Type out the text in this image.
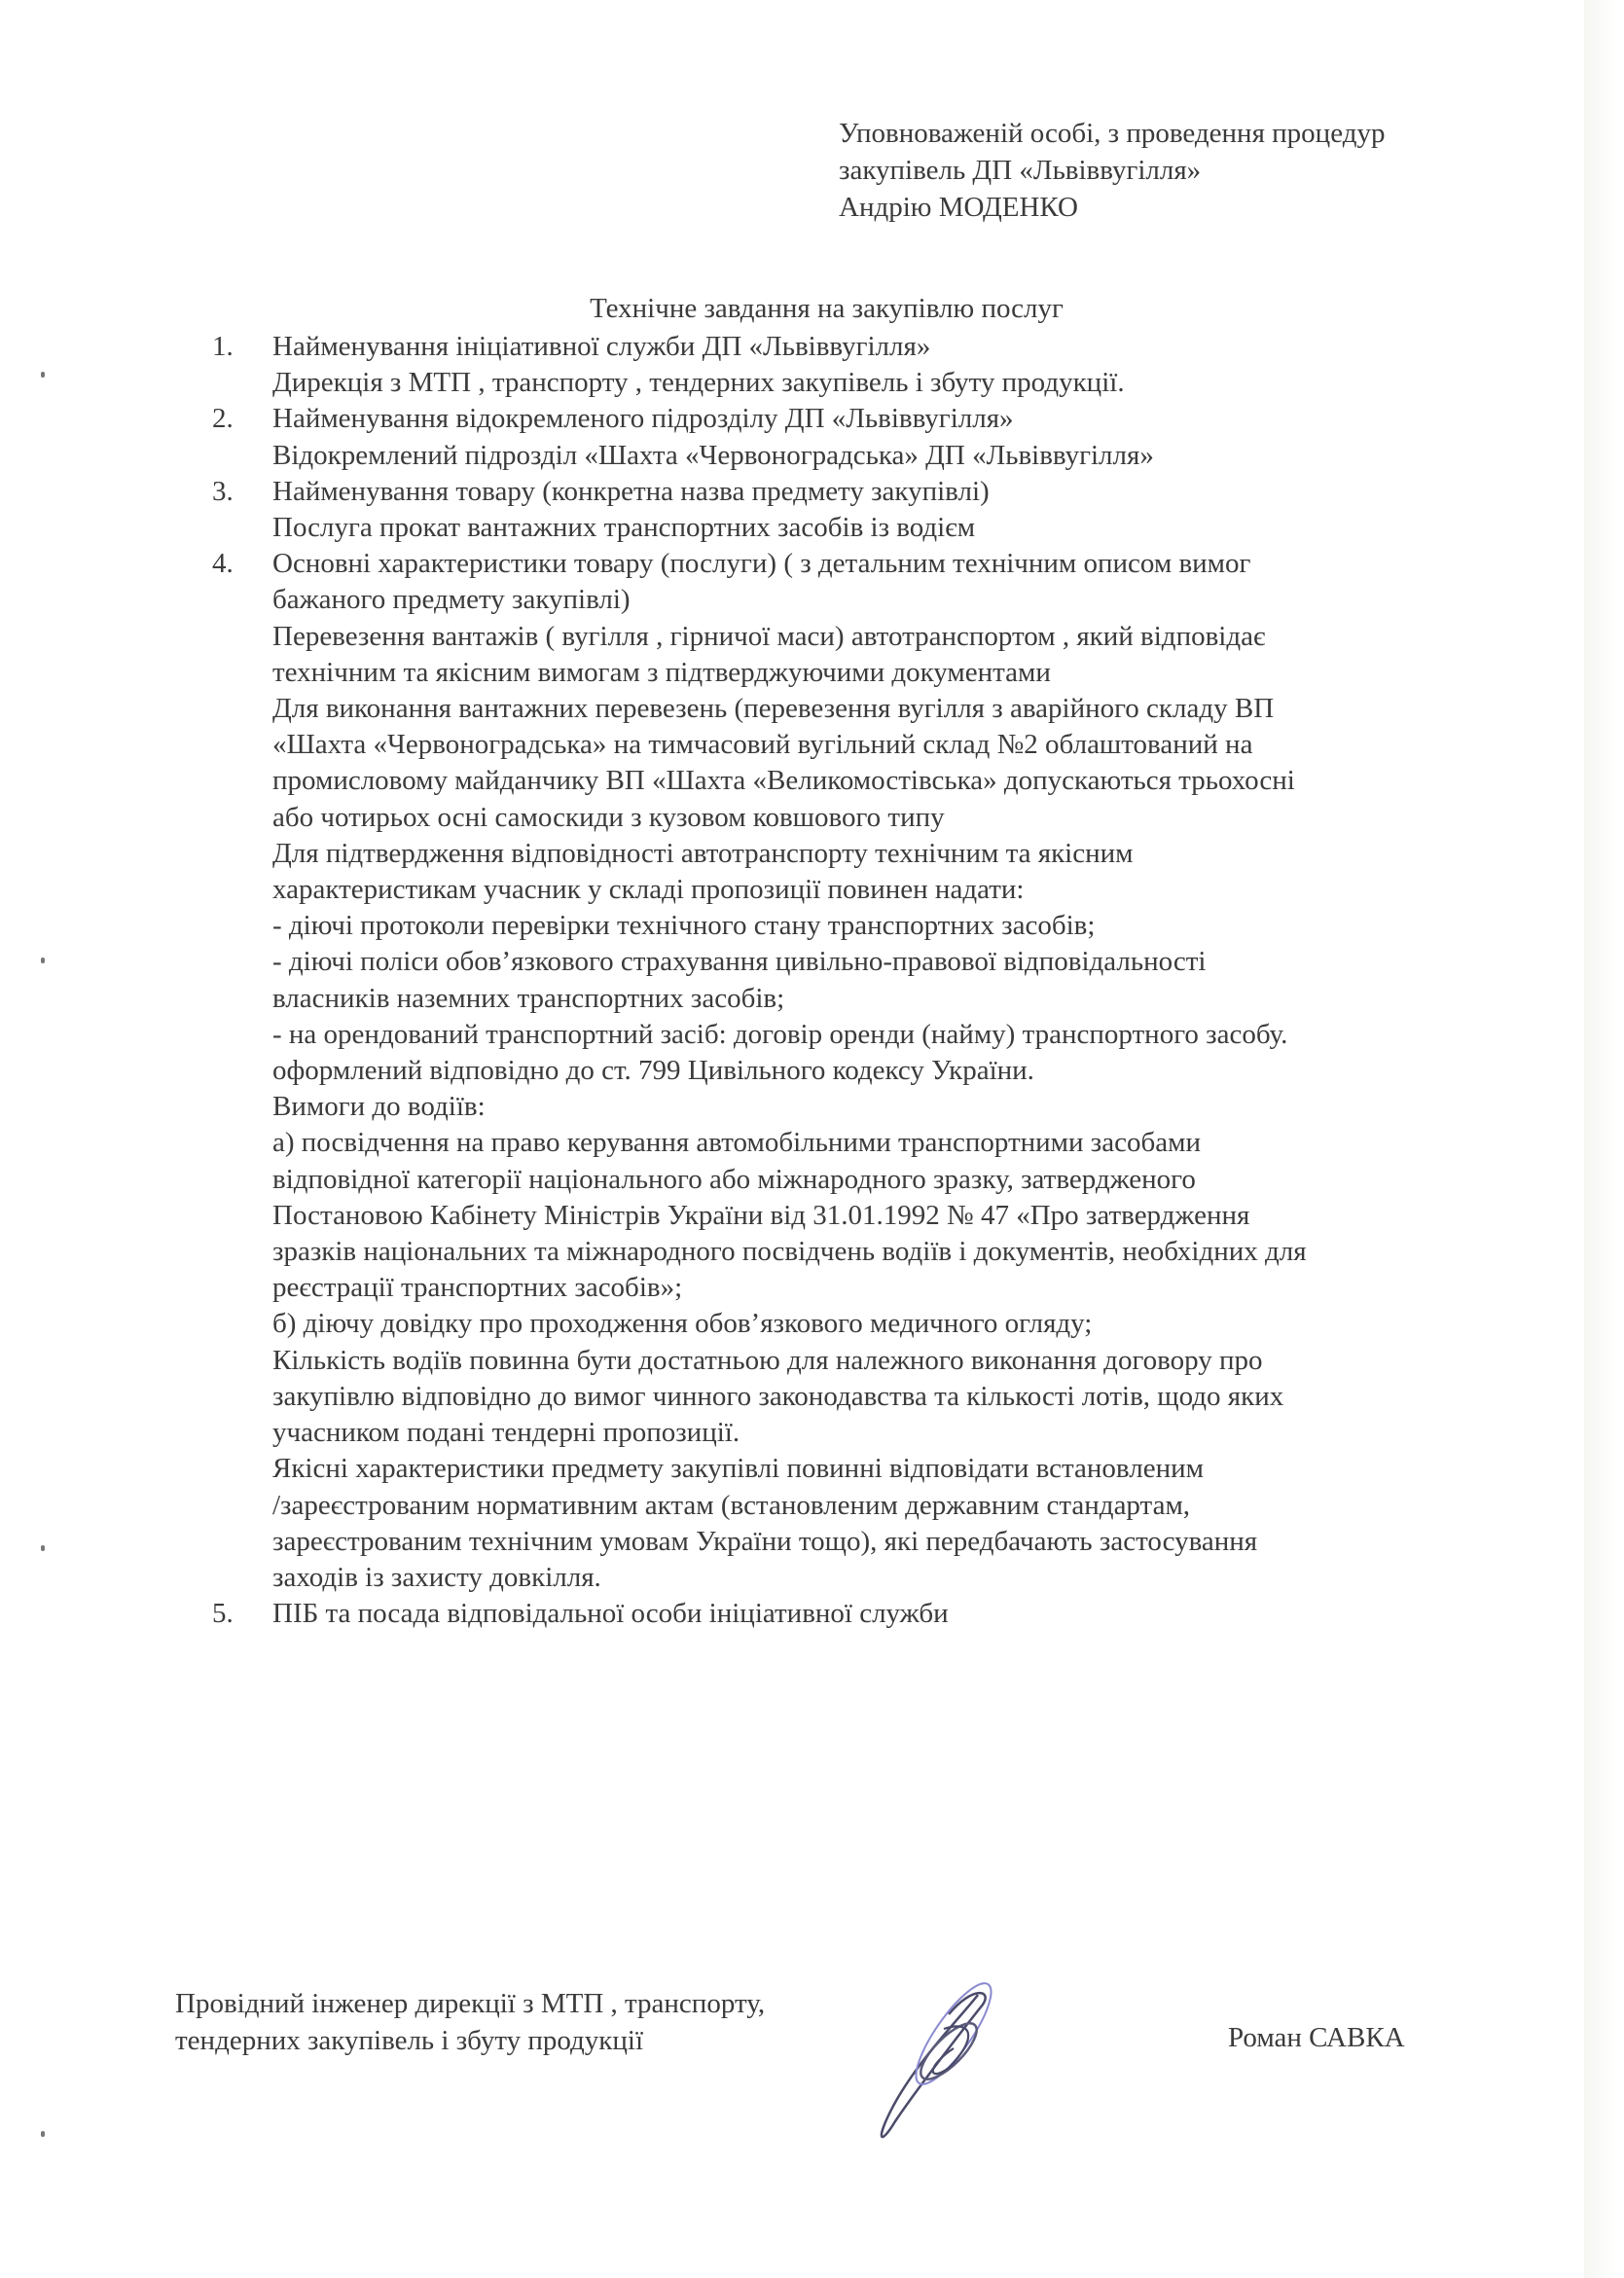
Уповноваженій особі, з проведення процедур
закупівель ДП «Львіввугілля»
Андрію МОДЕНКО
Технічне завдання на закупівлю послуг
1. Найменування ініціативної служби ДП «Львіввугілля»
Дирекція з МТП , транспорту , тендерних закупівель і збуту продукції.
2. Найменування відокремленого підрозділу ДП «Львіввугілля»
Відокремлений підрозділ «Шахта «Червоноградська» ДП «Львіввугілля»
3. Найменування товару (конкретна назва предмету закупівлі)
Послуга прокат вантажних транспортних засобів із водієм
4. Основні характеристики товару (послуги) ( з детальним технічним описом вимог
бажаного предмету закупівлі)
Перевезення вантажів ( вугілля , гірничої маси) автотранспортом , який відповідає
технічним та якісним вимогам з підтверджуючими документами
Для виконання вантажних перевезень (перевезення вугілля з аварійного складу ВП
«Шахта «Червоноградська» на тимчасовий вугільний склад №2 облаштований на
промисловому майданчику ВП «Шахта «Великомостівська» допускаються трьохосні
або чотирьох осні самоскиди з кузовом ковшового типу
Для підтвердження відповідності автотранспорту технічним та якісним
характеристикам учасник у складі пропозиції повинен надати:
- діючі протоколи перевірки технічного стану транспортних засобів;
- діючі поліси обов’язкового страхування цивільно-правової відповідальності
власників наземних транспортних засобів;
- на орендований транспортний засіб: договір оренди (найму) транспортного засобу.
оформлений відповідно до ст. 799 Цивільного кодексу України.
Вимоги до водіїв:
а) посвідчення на право керування автомобільними транспортними засобами
відповідної категорії національного або міжнародного зразку, затвердженого
Постановою Кабінету Міністрів України від 31.01.1992 № 47 «Про затвердження
зразків національних та міжнародного посвідчень водіїв і документів, необхідних для
реєстрації транспортних засобів»;
б) діючу довідку про проходження обов’язкового медичного огляду;
Кількість водіїв повинна бути достатньою для належного виконання договору про
закупівлю відповідно до вимог чинного законодавства та кількості лотів, щодо яких
учасником подані тендерні пропозиції.
Якісні характеристики предмету закупівлі повинні відповідати встановленим
/зареєстрованим нормативним актам (встановленим державним стандартам,
зареєстрованим технічним умовам України тощо), які передбачають застосування
заходів із захисту довкілля.
5. ПІБ та посада відповідальної особи ініціативної служби
Провідний інженер дирекції з МТП , транспорту,
тендерних закупівель і збуту продукції	Роман САВКА
